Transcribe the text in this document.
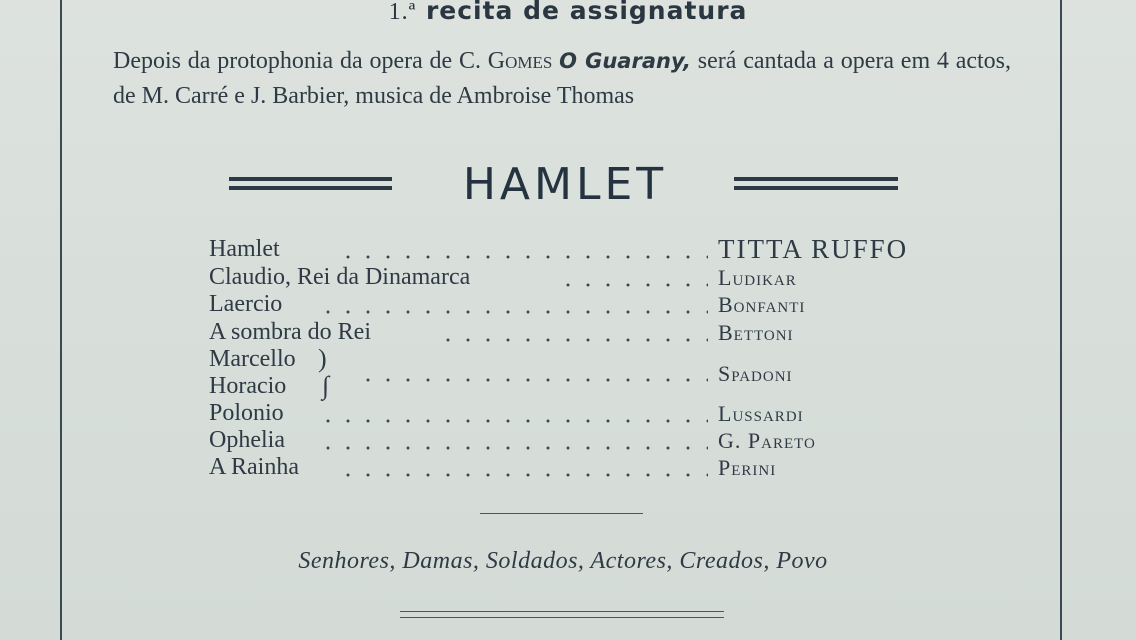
1.ª recita de assignatura
Depois da protophonia da opera de C. Gomes O Guarany, será cantada a opera em 4 actos, de M. Carré e J. Barbier, musica de Ambroise Thomas
HAMLET
Hamlet	TITTA RUFFO
Claudio, Rei da Dinamarca	Ludikar
Laercio	Bonfanti
A sombra do Rei	Bettoni
Marcello )
Horacio ∫	Spadoni
Polonio	Lussardi
Ophelia	G. Pareto
A Rainha	Perini
Senhores, Damas, Soldados, Actores, Creados, Povo
